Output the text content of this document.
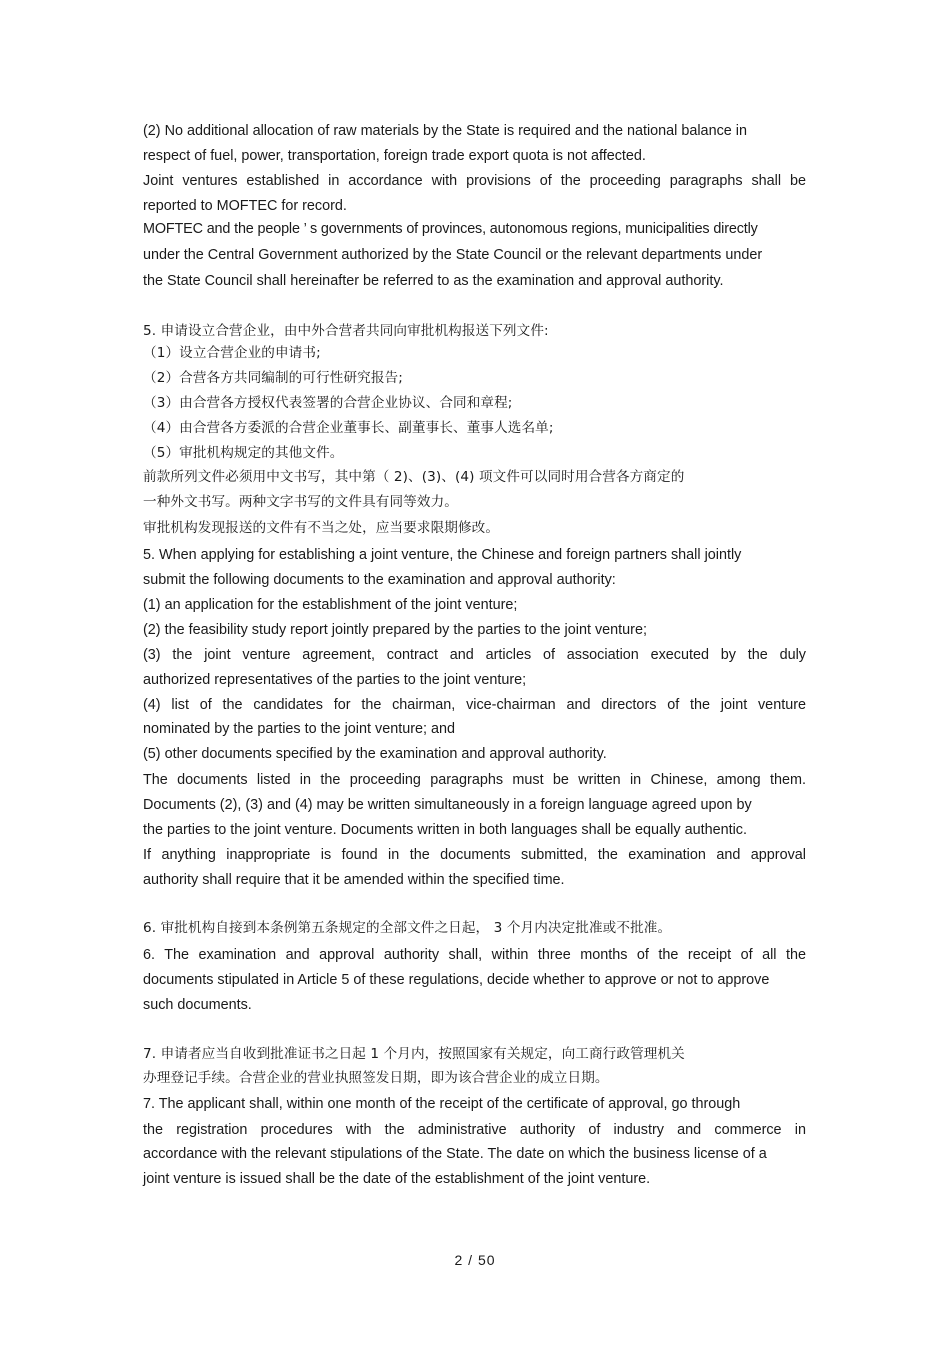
(2) No additional allocation of raw materials by the State is required and the national balance in

respect of fuel, power, transportation, foreign trade export quota is not affected.

Joint ventures established in accordance with provisions of the proceeding paragraphs shall be

reported to MOFTEC for record.

MOFTEC and the people ’ s governments of provinces, autonomous regions, municipalities directly

under the Central Government authorized by the State Council or the relevant departments under

the State Council shall hereinafter be referred to as the examination and approval authority.

5. 申请设立合营企业，由中外合营者共同向审批机构报送下列文件:

（1）设立合营企业的申请书;

（2）合营各方共同编制的可行性研究报告;

（3）由合营各方授权代表签署的合营企业协议、合同和章程;

（4）由合营各方委派的合营企业董事长、副董事长、董事人选名单;

（5）审批机构规定的其他文件。

前款所列文件必须用中文书写，其中第（ 2)、(3)、(4) 项文件可以同时用合营各方商定的

一种外文书写。两种文字书写的文件具有同等效力。

审批机构发现报送的文件有不当之处，应当要求限期修改。

5. When applying for establishing a joint venture, the Chinese and foreign partners shall jointly

submit the following documents to the examination and approval authority:

(1) an application for the establishment of the joint venture;

(2) the feasibility study report jointly prepared by the parties to the joint venture;

(3) the joint venture agreement, contract and articles of association executed by the duly

authorized representatives of the parties to the joint venture;

(4) list of the candidates for the chairman, vice-chairman and directors of the joint venture

nominated by the parties to the joint venture; and

(5) other documents specified by the examination and approval authority.

The documents listed in the proceeding paragraphs must be written in Chinese, among them.

Documents (2), (3) and (4) may be written simultaneously in a foreign language agreed upon by

the parties to the joint venture. Documents written in both languages shall be equally authentic.

If anything inappropriate is found in the documents submitted, the examination and approval

authority shall require that it be amended within the specified time.

6. 审批机构自接到本条例第五条规定的全部文件之日起， 3 个月内决定批准或不批准。

6. The examination and approval authority shall, within three months of the receipt of all the

documents stipulated in Article 5 of these regulations, decide whether to approve or not to approve

such documents.

7. 申请者应当自收到批准证书之日起 1 个月内，按照国家有关规定，向工商行政管理机关

办理登记手续。合营企业的营业执照签发日期，即为该合营企业的成立日期。

7. The applicant shall, within one month of the receipt of the certificate of approval, go through

the registration procedures with the administrative authority of industry and commerce in

accordance with the relevant stipulations of the State. The date on which the business license of a

joint venture is issued shall be the date of the establishment of the joint venture.

2 / 50
